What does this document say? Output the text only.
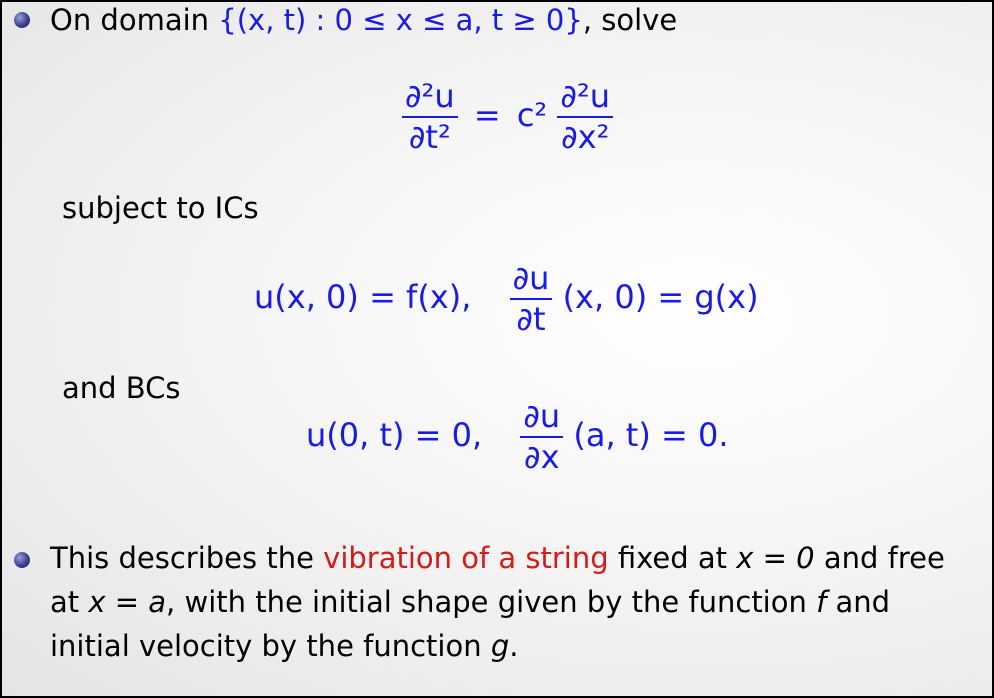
On domain {(x, t) : 0 ≤ x ≤ a, t ≥ 0}, solve
$\frac{\text{∂²u}}{\text{∂t²}} = c^2 \frac{\text{∂²u}}{\text{∂x²}}$
subject to ICs
u(x, 0) = f(x), $\frac{\partial u}{\partial t} (x$, 0) = g(x)
and BCs
u(0, t) = 0, $\frac{\partial u}{\partial x} (a$, t) = 0.
This describes the vibration of a string fixed at x = 0 and free
at x = a, with the initial shape given by the function f and
initial velocity by the function g.
